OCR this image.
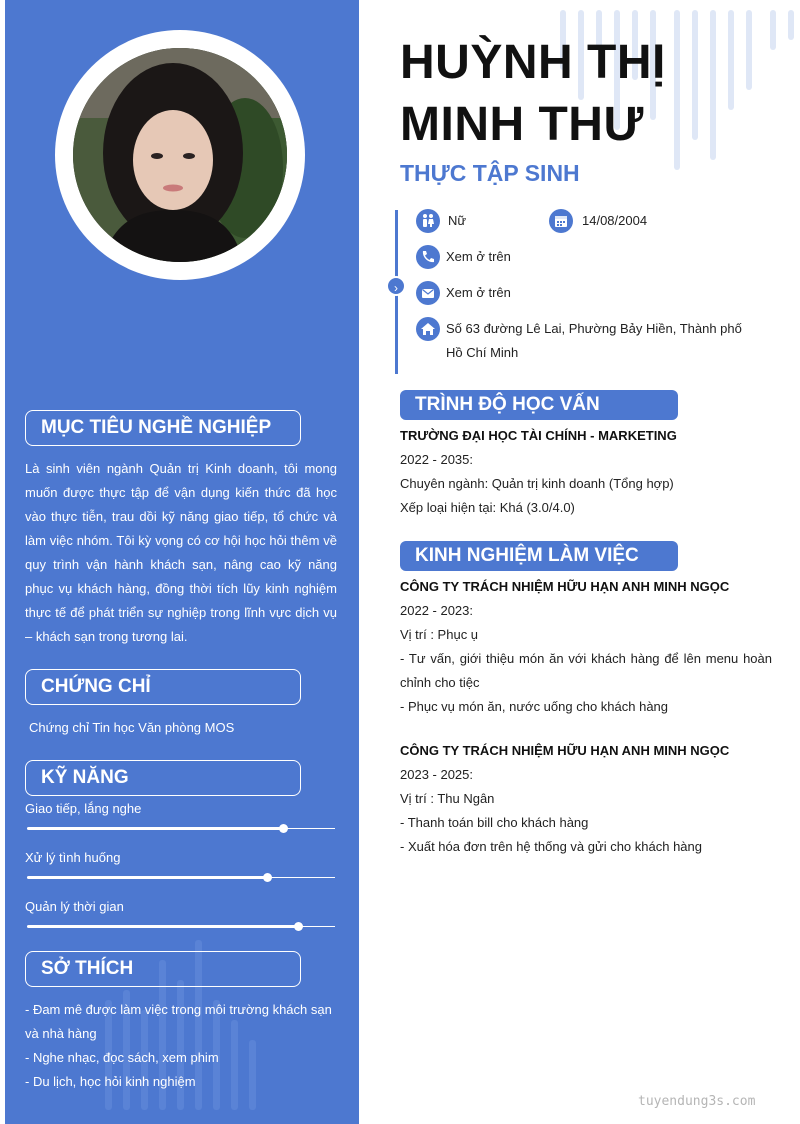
MỤC TIÊU NGHỀ NGHIỆP
Là sinh viên ngành Quản trị Kinh doanh, tôi mong muốn được thực tập để vận dụng kiến thức đã học vào thực tiễn, trau dồi kỹ năng giao tiếp, tổ chức và làm việc nhóm. Tôi kỳ vọng có cơ hội học hỏi thêm về quy trình vận hành khách sạn, nâng cao kỹ năng phục vụ khách hàng, đồng thời tích lũy kinh nghiệm thực tế để phát triển sự nghiệp trong lĩnh vực dịch vụ – khách sạn trong tương lai.
CHỨNG CHỈ
Chứng chỉ Tin học Văn phòng MOS
KỸ NĂNG
Giao tiếp, lắng nghe
Xử lý tình huống
Quản lý thời gian
SỞ THÍCH
- Đam mê được làm việc trong môi trường khách sạn
và nhà hàng
- Nghe nhạc, đọc sách, xem phim
- Du lịch, học hỏi kinh nghiệm
HUỲNH THỊ
MINH THƯ
THỰC TẬP SINH
›
Nữ	14/08/2004
Xem ở trên
Xem ở trên
Số 63 đường Lê Lai, Phường Bảy Hiền, Thành phố
Hồ Chí Minh
TRÌNH ĐỘ HỌC VẤN
TRƯỜNG ĐẠI HỌC TÀI CHÍNH - MARKETING
2022 - 2035:
Chuyên ngành: Quản trị kinh doanh (Tổng hợp)
Xếp loại hiện tại: Khá (3.0/4.0)
KINH NGHIỆM LÀM VIỆC
CÔNG TY TRÁCH NHIỆM HỮU HẠN ANH MINH NGỌC
2022 - 2023:
Vị trí : Phục ụ
- Tư vấn, giới thiệu món ăn với khách hàng để lên menu hoàn chỉnh cho tiệc
- Phục vụ món ăn, nước uống cho khách hàng
CÔNG TY TRÁCH NHIỆM HỮU HẠN ANH MINH NGỌC
2023 - 2025:
Vị trí : Thu Ngân
- Thanh toán bill cho khách hàng
- Xuất hóa đơn trên hệ thống và gửi cho khách hàng
tuyendung3s.com
